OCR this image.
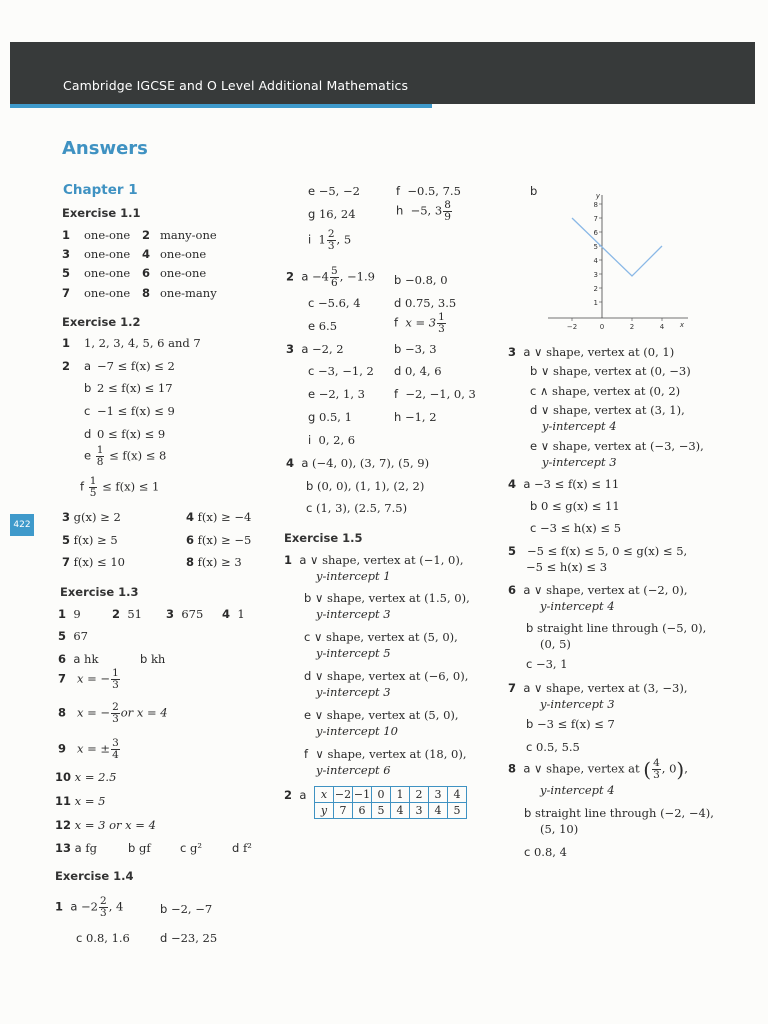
Cambridge IGCSE and O Level Additional Mathematics
Answers
422
Chapter 1
Exercise 1.1
1 one-one 2 many-one
3 one-one 4 one-one
5 one-one 6 one-one
7 one-one 8 one-many
Exercise 1.2
1 1, 2, 3, 4, 5, 6 and 7
2 a −7 ≤ f(x) ≤ 2
b 2 ≤ f(x) ≤ 17
c −1 ≤ f(x) ≤ 9
d 0 ≤ f(x) ≤ 9
e $\frac{1}{8} \le f(x) \le 8$
f $\frac{1}{5} \le f(x) \le 1$
3 g(x) ≥ 2	4 f(x) ≥ −4
5 f(x) ≥ 5	6 f(x) ≥ −5
7 f(x) ≤ 10	8 f(x) ≥ 3
Exercise 1.3
1 9	2 51 3 675 4 1
5 67
6 a hk	b kh
7 x = − $\frac{1}{3}$
8 x = − $\frac{2}{3}$ or x = 4
9 x = ± $\frac{3}{4}$
10 x = 2.5
11 x = 5
12 x = 3 or x = 4
13 a fg	b gf	c g²	d f²
Exercise 1.4
1 $a -2 \frac{2}{3}$ , 4	b −2, −7
c 0.8, 1.6	d −23, 25
e −5, −2	f −0.5, 7.5
g 16, 24	h −5, $3 \frac{8}{9}$
i $1 \frac{2}{3}$ , 5
2 $a -4 \frac{5}{6}$ , −1.9 b −0.8, 0
c −5.6, 4	d 0.75, 3.5
e 6.5	f $x = 3 \frac{1}{3}$
3 a −2, 2	b −3, 3
c −3, −1, 2 d 0, 4, 6
e −2, 1, 3	f −2, −1, 0, 3
g 0.5, 1	h −1, 2
i 0, 2, 6
4 a (−4, 0), (3, 7), (5, 9)
b (0, 0), (1, 1), (2, 2)
c (1, 3), (2.5, 7.5)
Exercise 1.5
1 a ∨ shape, vertex at (−1, 0),
y-intercept 1
b ∨ shape, vertex at (1.5, 0),
y-intercept 3
c ∨ shape, vertex at (5, 0),
y-intercept 5
d ∨ shape, vertex at (−6, 0),
y-intercept 3
e ∨ shape, vertex at (5, 0),
y-intercept 10
f ∨ shape, vertex at (18, 0),
y-intercept 6
2 a x	−2	−1	0	1	2	3	4
y	7	6	5	4	3	4	5
b
8
7
6
5
4
3
2
1
−2	0	2	4 x
y
3 a ∨ shape, vertex at (0, 1)
b ∨ shape, vertex at (0, −3)
c ∧ shape, vertex at (0, 2)
d ∨ shape, vertex at (3, 1),
y-intercept 4
e ∨ shape, vertex at (−3, −3),
y-intercept 3
4 a −3 ≤ f(x) ≤ 11
b 0 ≤ g(x) ≤ 11
c −3 ≤ h(x) ≤ 5
5 −5 ≤ f(x) ≤ 5, 0 ≤ g(x) ≤ 5,
−5 ≤ h(x) ≤ 3
6 a ∨ shape, vertex at (−2, 0),
y-intercept 4
b straight line through (−5, 0),
(0, 5)
c −3, 1
7 a ∨ shape, vertex at (3, −3),
y-intercept 3
b −3 ≤ f(x) ≤ 7
c 0.5, 5.5
8 a ∨ shape, vertex at ( $\frac{4}{3}$ , 0),
y-intercept 4
b straight line through (−2, −4),
(5, 10)
c 0.8, 4
